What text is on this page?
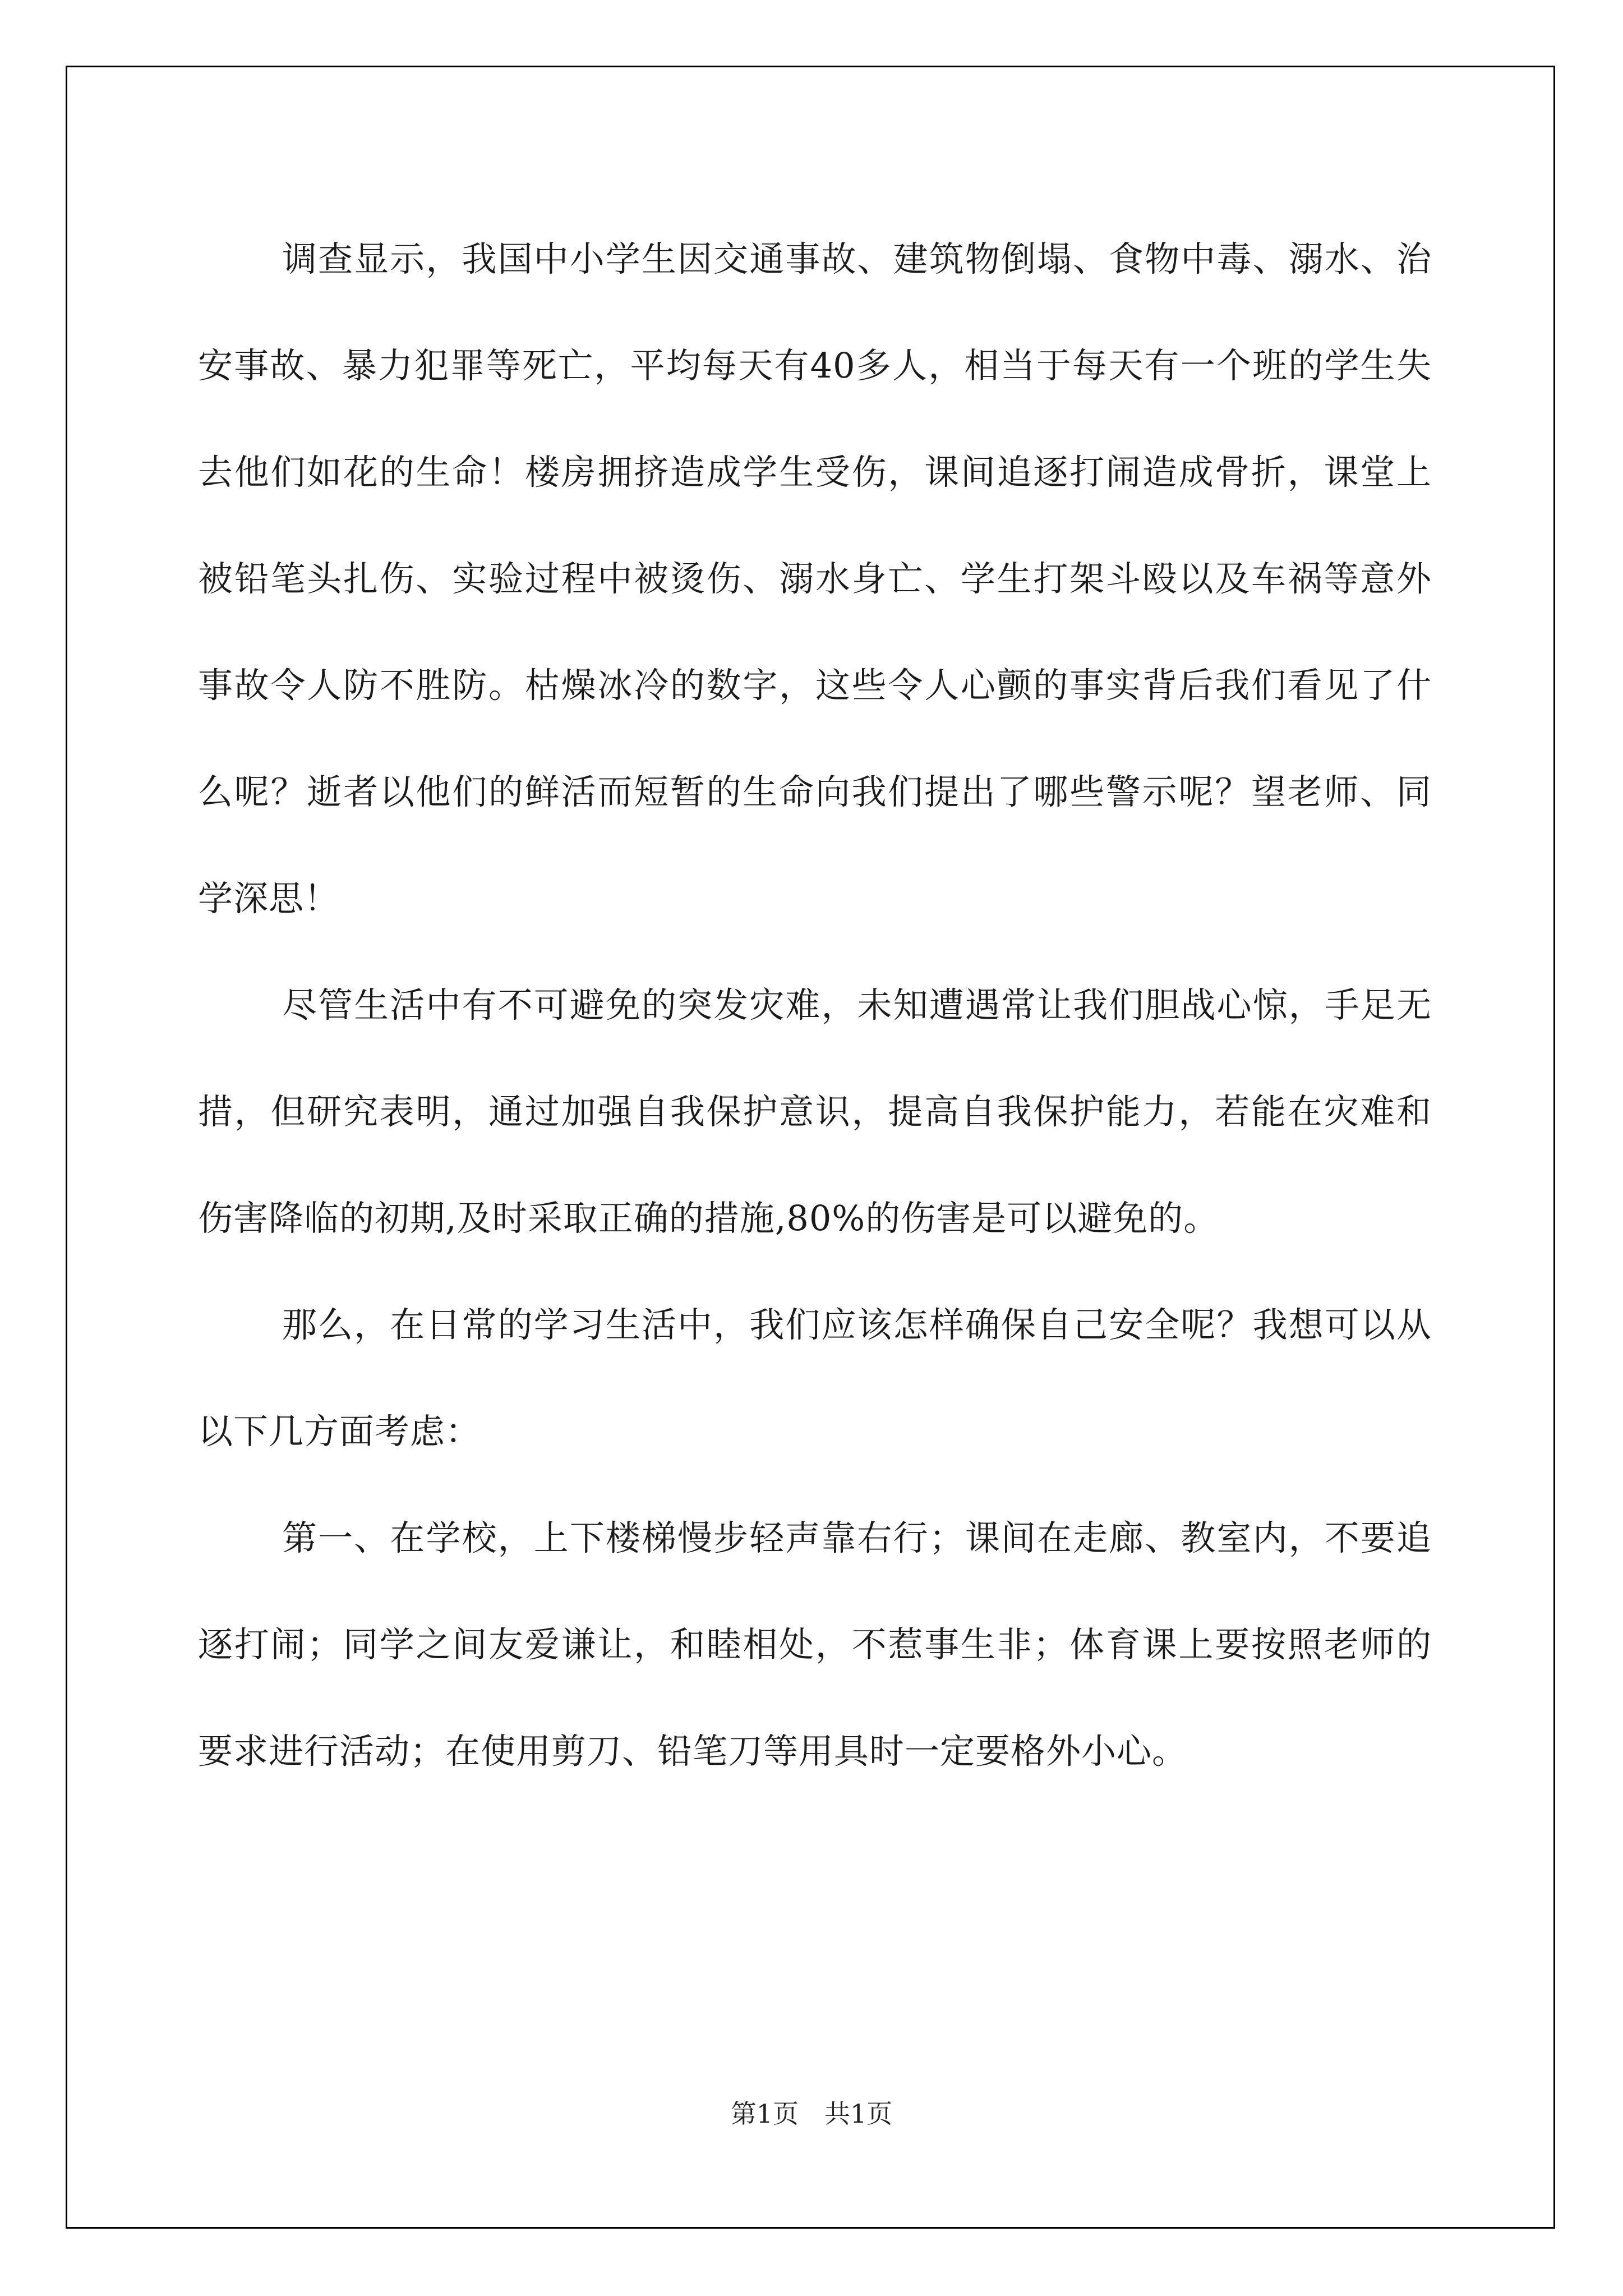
调查显示，我国中小学生因交通事故、建筑物倒塌、食物中毒、溺水、治安事故、暴力犯罪等死亡，平均每天有40多人，相当于每天有一个班的学生失去他们如花的生命！楼房拥挤造成学生受伤，课间追逐打闹造成骨折，课堂上被铅笔头扎伤、实验过程中被烫伤、溺水身亡、学生打架斗殴以及车祸等意外事故令人防不胜防。枯燥冰冷的数字，这些令人心颤的事实背后我们看见了什么呢？逝者以他们的鲜活而短暂的生命向我们提出了哪些警示呢？望老师、同学深思！

尽管生活中有不可避免的突发灾难，未知遭遇常让我们胆战心惊，手足无措，但研究表明，通过加强自我保护意识，提高自我保护能力，若能在灾难和伤害降临的初期,及时采取正确的措施,80%的伤害是可以避免的。

那么，在日常的学习生活中，我们应该怎样确保自己安全呢？我想可以从以下几方面考虑：

第一、在学校，上下楼梯慢步轻声靠右行；课间在走廊、教室内，不要追逐打闹；同学之间友爱谦让，和睦相处，不惹事生非；体育课上要按照老师的要求进行活动；在使用剪刀、铅笔刀等用具时一定要格外小心。

第1页 共1页
